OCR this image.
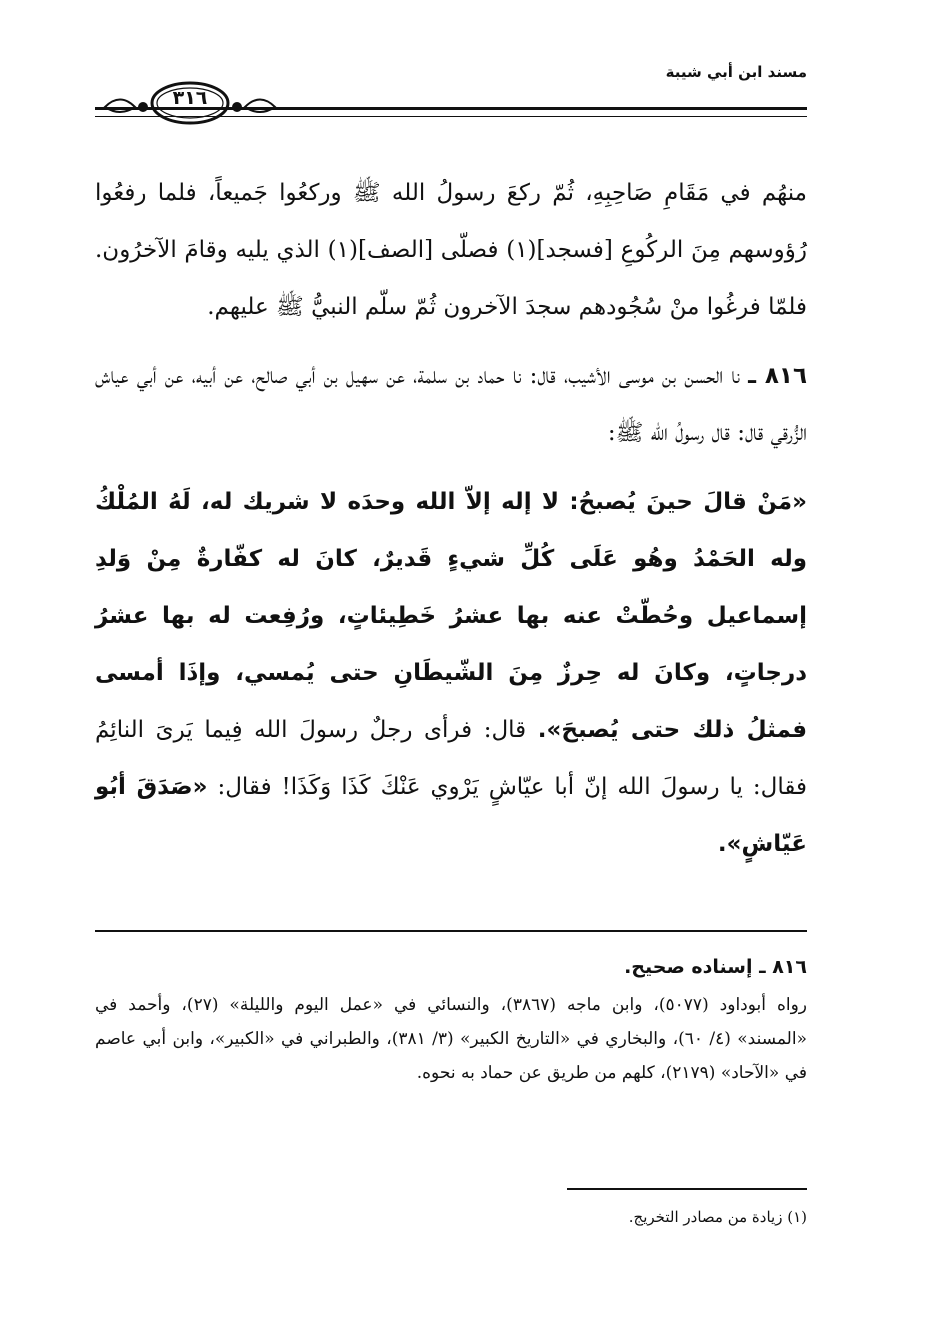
مسند ابن أبي شيبة
٣١٦

منهُم في مَقَامِ صَاحِبِهِ، ثُمّ ركعَ رسولُ الله ﷺ وركعُوا جَميعاً، فلما رفعُوا رُؤوسهم مِنَ الركُوعِ [فسجد](١) فصلّى [الصف](١) الذي يليه وقامَ الآخرُون. فلمّا فرغُوا منْ سُجُودهم سجدَ الآخرون ثُمّ سلّم النبيُّ ﷺ عليهم.

٨١٦ ـ نا الحسن بن موسى الأشيب، قال: نا حماد بن سلمة، عن سهيل بن أبي صالح، عن أبيه، عن أبي عياش الزُّرقي قال: قال رسولُ الله ﷺ:

«مَنْ قالَ حينَ يُصبحُ: لا إله إلاّ الله وحدَه لا شريك له، لَهُ المُلْكُ وله الحَمْدُ وهُو عَلَى كُلِّ شيءٍ قَديرٌ، كانَ له كفّارةٌ مِنْ وَلدِ إسماعيل وحُطّتْ عنه بها عشرُ خَطِيئاتٍ، ورُفِعت له بها عشرُ درجاتٍ، وكانَ له حِرزٌ مِنَ الشّيطَانِ حتى يُمسي، وإذَا أمسى فمثلُ ذلك حتى يُصبحَ». قال: فرأى رجلٌ رسولَ الله فِيما يَرىَ النائِمُ فقال: يا رسولَ الله إنّ أبا عيّاشٍ يَرْوي عَنْكَ كَذَا وَكَذَا! فقال: «صَدَقَ أبُو عَيّاشٍ».

٨١٦ ـ إسناده صحيح.
رواه أبوداود (٥٠٧٧)، وابن ماجه (٣٨٦٧)، والنسائي في «عمل اليوم والليلة» (٢٧)، وأحمد في «المسند» (٤/ ٦٠)، والبخاري في «التاريخ الكبير» (٣/ ٣٨١)، والطبراني في «الكبير»، وابن أبي عاصم في «الآحاد» (٢١٧٩)، كلهم من طريق عن حماد به نحوه.
(١) زيادة من مصادر التخريج.
